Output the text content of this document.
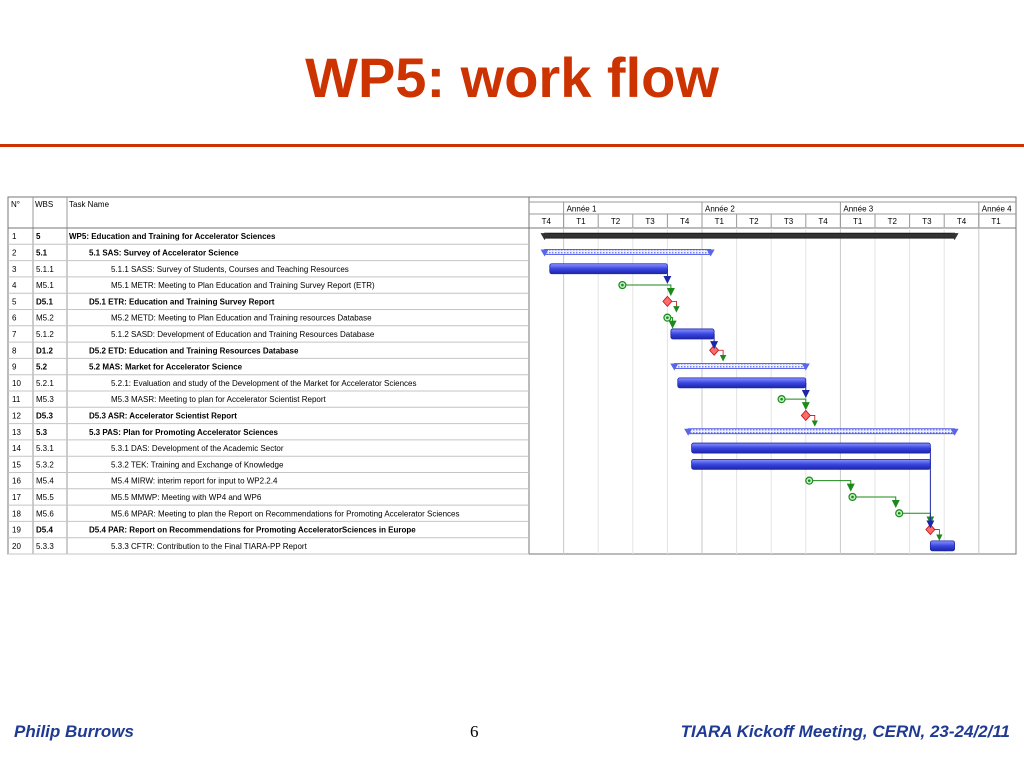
WP5: work flow
N° WBS Task Name	Année 1	Année 2	Année 3	Année 4
T4	T1	T2	T3	T4	T1	T2	T3	T4	T1	T2	T3	T4	T1
1 5	WP5: Education and Training for Accelerator Sciences
2 5.1	5.1 SAS: Survey of Accelerator Science
3 5.1.1	5.1.1 SASS: Survey of Students, Courses and Teaching Resources
4 M5.1	M5.1 METR: Meeting to Plan Education and Training Survey Report (ETR)
5 D5.1	D5.1 ETR: Education and Training Survey Report
6 M5.2	M5.2 METD: Meeting to Plan Education and Training resources Database
7 5.1.2	5.1.2 SASD: Development of Education and Training Resources Database
8 D1.2	D5.2 ETD: Education and Training Resources Database
9 5.2	5.2 MAS: Market for Accelerator Science
10 5.2.1	5.2.1: Evaluation and study of the Development of the Market for Accelerator Sciences
11 M5.3	M5.3 MASR: Meeting to plan for Accelerator Scientist Report
12 D5.3	D5.3 ASR: Accelerator Scientist Report
13 5.3	5.3 PAS: Plan for Promoting Accelerator Sciences
14 5.3.1	5.3.1 DAS: Development of the Academic Sector
15 5.3.2	5.3.2 TEK: Training and Exchange of Knowledge
16 M5.4	M5.4 MIRW: interim report for input to WP2.2.4
17 M5.5	M5.5 MMWP: Meeting with WP4 and WP6
18 M5.6	M5.6 MPAR: Meeting to plan the Report on Recommendations for Promoting Accelerator Sciences
19 D5.4	D5.4 PAR: Report on Recommendations for Promoting AcceleratorSciences in Europe
20 5.3.3	5.3.3 CFTR: Contribution to the Final TIARA-PP Report
Philip Burrows	6	TIARA Kickoff Meeting, CERN, 23-24/2/11
